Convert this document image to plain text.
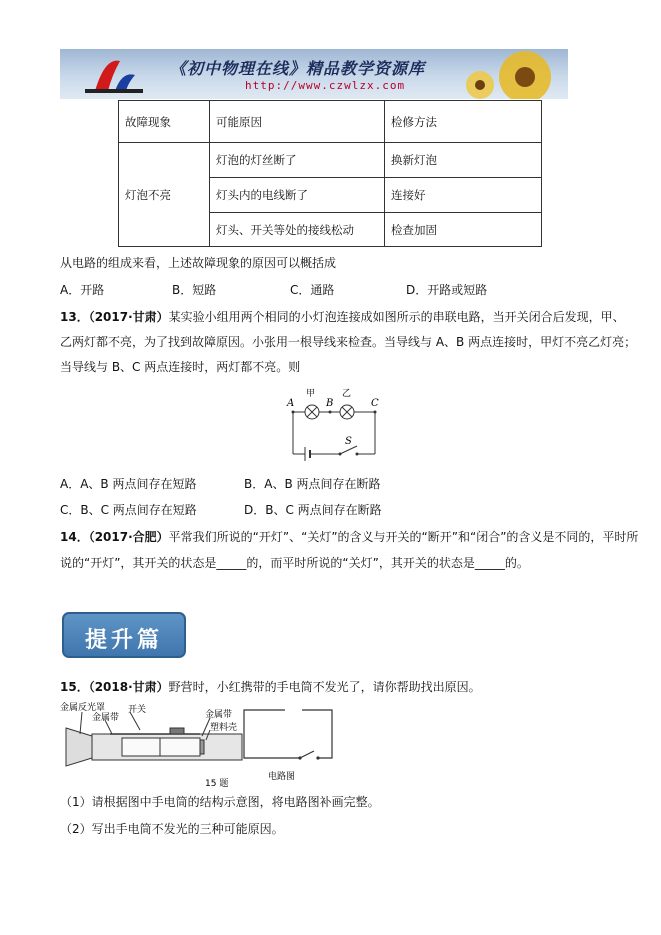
《初中物理在线》精品教学资源库
http://www.czwlzx.com
故障现象	可能原因	检修方法
灯泡不亮	灯泡的灯丝断了	换新灯泡
	灯头内的电线断了	连接好
	灯头、开关等处的接线松动	检查加固
从电路的组成来看，上述故障现象的原因可以概括成
A．开路	B．短路	C．通路	D．开路或短路
13．（2017·甘肃）某实验小组用两个相同的小灯泡连接成如图所示的串联电路，当开关闭合后发现，甲、
乙两灯都不亮，为了找到故障原因。小张用一根导线来检查。当导线与 A、B 两点连接时，甲灯不亮乙灯亮；
当导线与 B、C 两点连接时，两灯都不亮。则
甲	乙
A	B	C
S
A．A、B 两点间存在短路	B．A、B 两点间存在断路
C．B、C 两点间存在短路	D．B、C 两点间存在断路
14．（2017·合肥）平常我们所说的“开灯”、“关灯”的含义与开关的“断开”和“闭合”的含义是不同的，平时所
说的“开灯”，其开关的状态是_____的，而平时所说的“关灯”，其开关的状态是_____的。
提升篇
15．（2018·甘肃）野营时，小红携带的手电筒不发光了，请你帮助找出原因。
金属反光罩
金属带
开关	金属带
塑料壳
15 题
电路图
（1）请根据图中手电筒的结构示意图，将电路图补画完整。
（2）写出手电筒不发光的三种可能原因。
